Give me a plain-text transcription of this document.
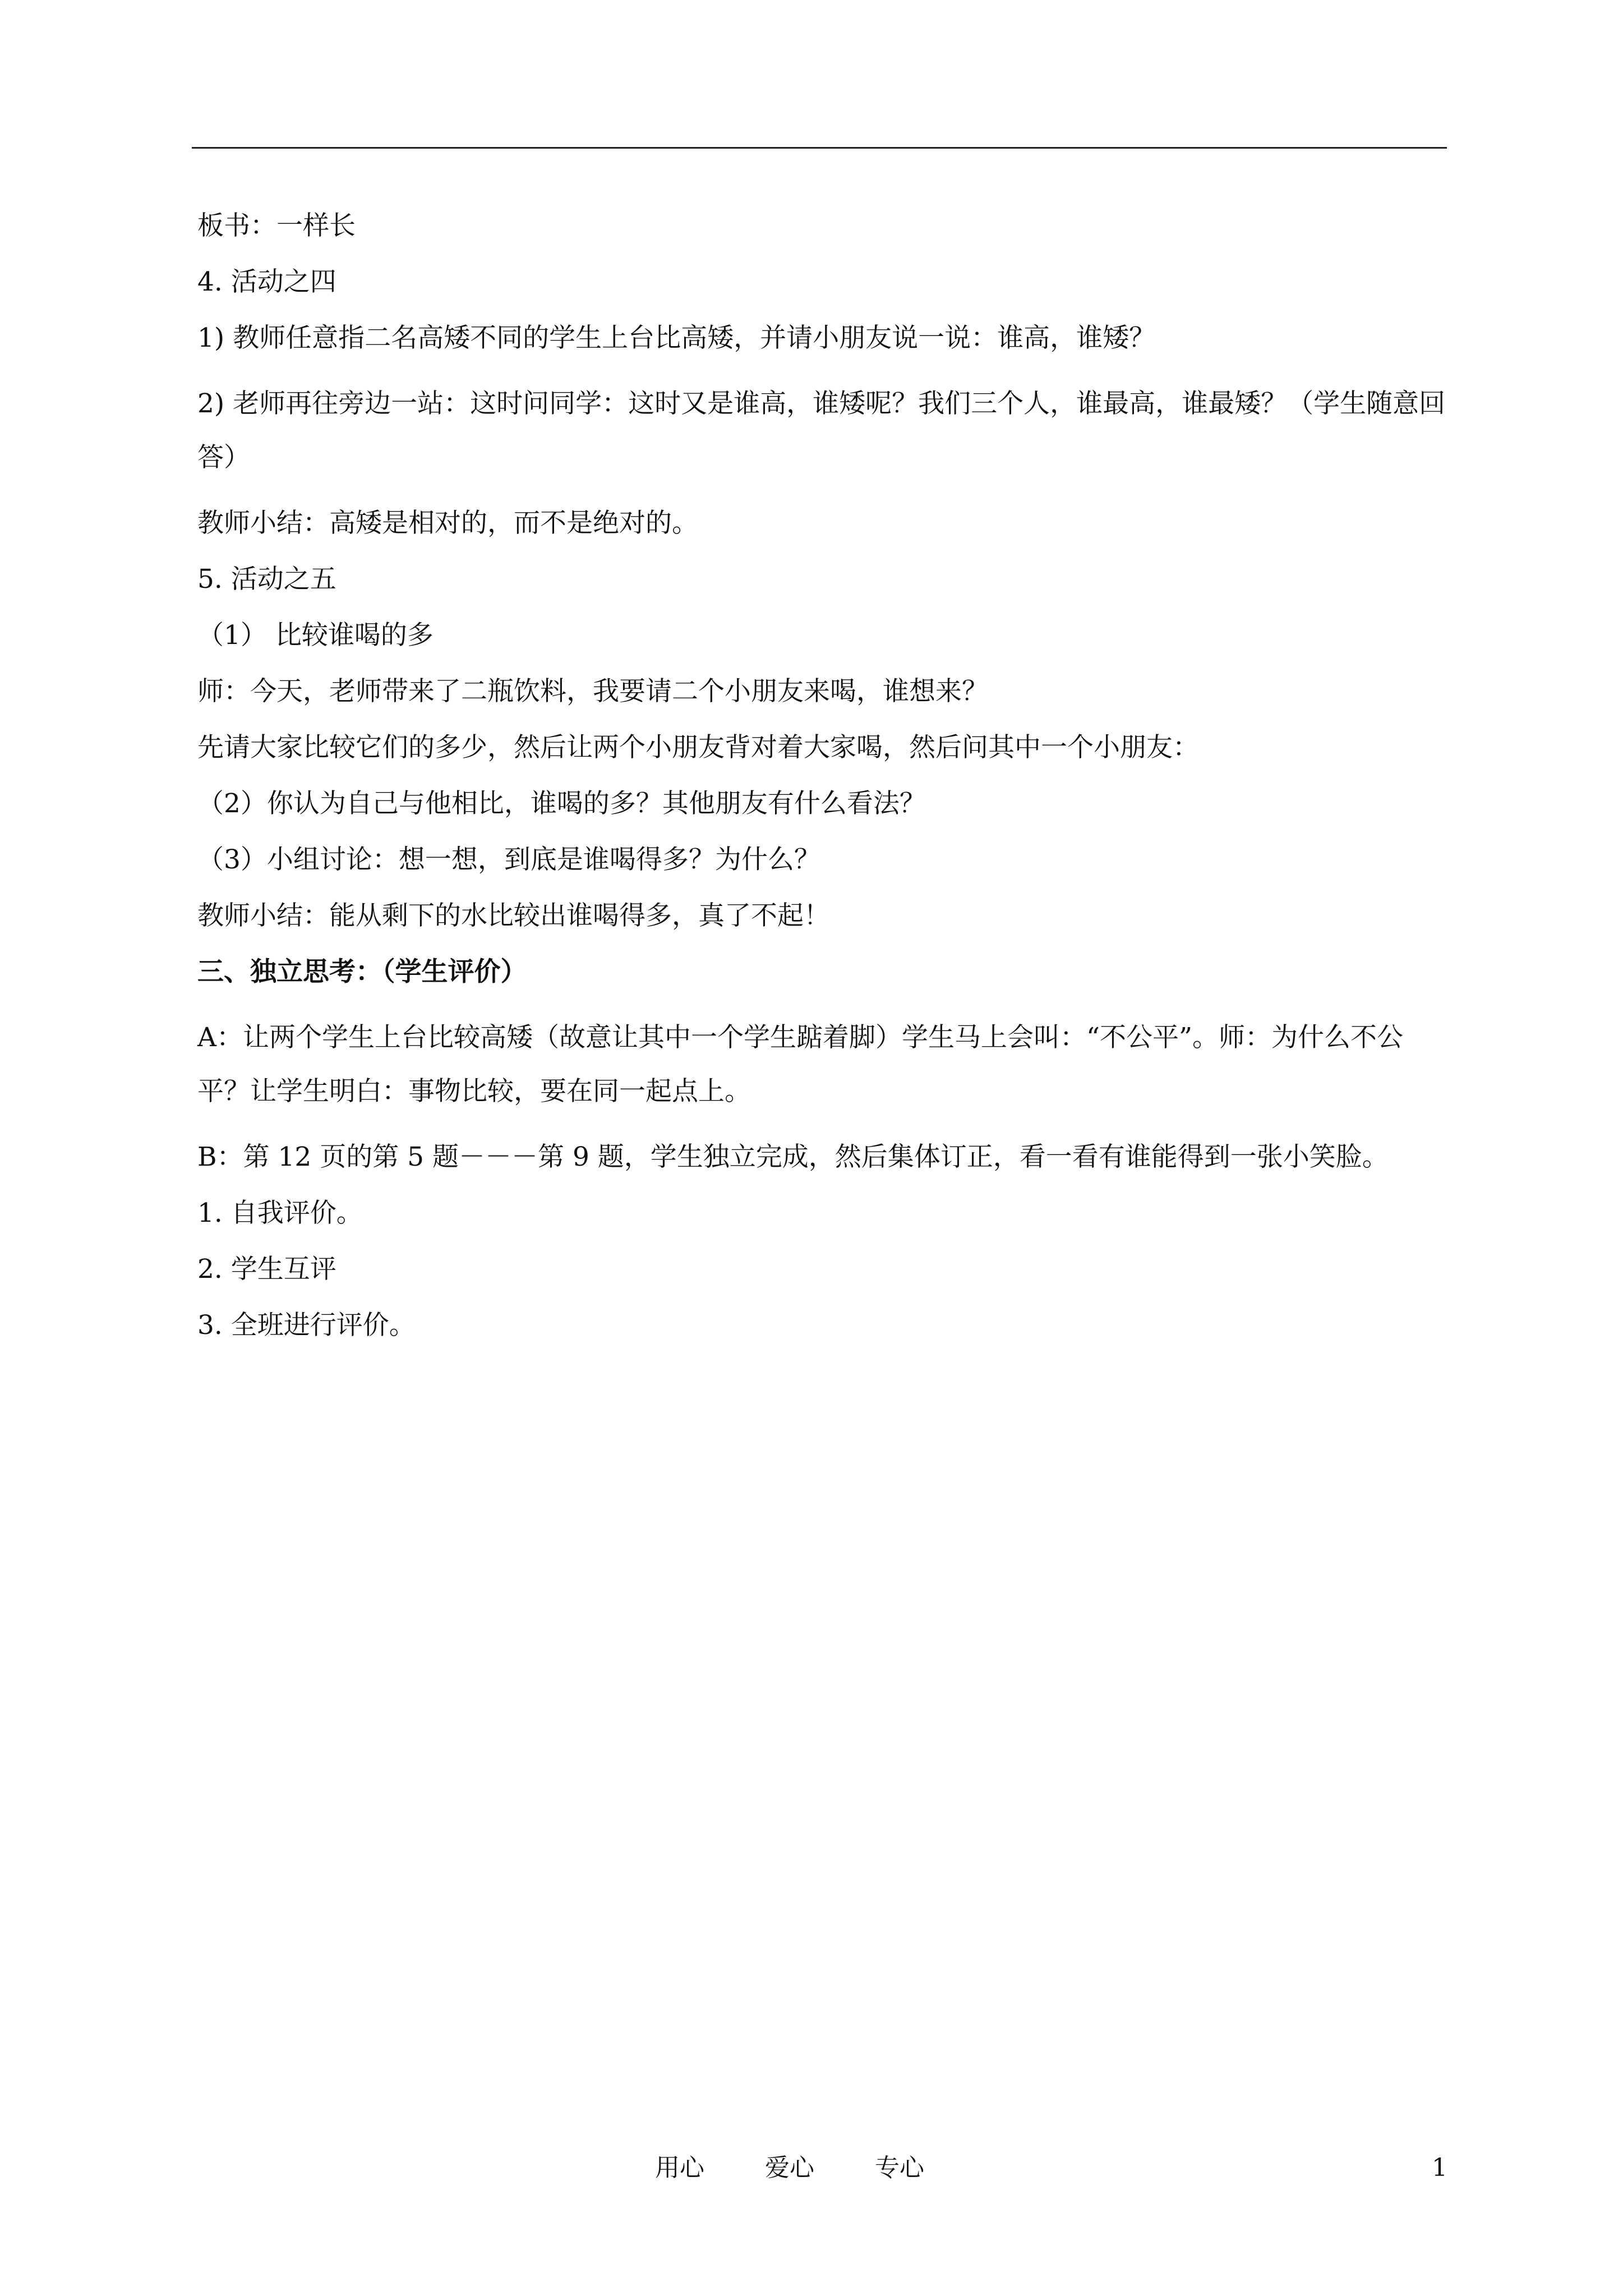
板书：一样长

4. 活动之四

1) 教师任意指二名高矮不同的学生上台比高矮，并请小朋友说一说：谁高，谁矮？

2) 老师再往旁边一站：这时问同学：这时又是谁高，谁矮呢？我们三个人，谁最高，谁最矮？（学生随意回答）

教师小结：高矮是相对的，而不是绝对的。

5. 活动之五

（1） 比较谁喝的多

师：今天，老师带来了二瓶饮料，我要请二个小朋友来喝，谁想来？

先请大家比较它们的多少，然后让两个小朋友背对着大家喝，然后问其中一个小朋友：

（2）你认为自己与他相比，谁喝的多？其他朋友有什么看法？

（3）小组讨论：想一想，到底是谁喝得多？为什么？

教师小结：能从剩下的水比较出谁喝得多，真了不起！

三、独立思考：（学生评价）

A：让两个学生上台比较高矮（故意让其中一个学生踮着脚）学生马上会叫：“不公平”。师：为什么不公平？让学生明白：事物比较，要在同一起点上。

B：第 12 页的第 5 题－－－第 9 题，学生独立完成，然后集体订正，看一看有谁能得到一张小笑脸。

1. 自我评价。

2. 学生互评

3. 全班进行评价。

用心 爱心 专心	1
